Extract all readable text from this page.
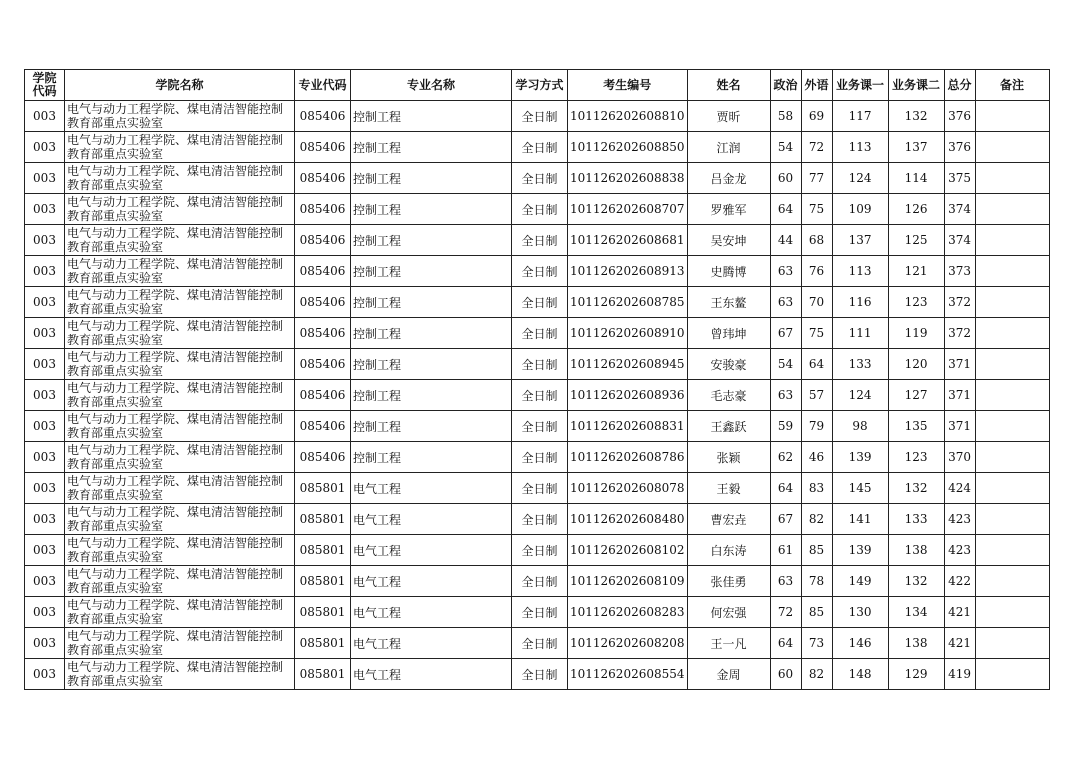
学院代码	学院名称	专业代码	专业名称	学习方式	考生编号	姓名	政治	外语	业务课一	业务课二	总分	备注
003	电气与动力工程学院、煤电清洁智能控制教育部重点实验室	085406	控制工程	全日制	101126202608810	贾昕	58	69	117	132	376	
003	电气与动力工程学院、煤电清洁智能控制教育部重点实验室	085406	控制工程	全日制	101126202608850	江润	54	72	113	137	376	
003	电气与动力工程学院、煤电清洁智能控制教育部重点实验室	085406	控制工程	全日制	101126202608838	吕金龙	60	77	124	114	375	
003	电气与动力工程学院、煤电清洁智能控制教育部重点实验室	085406	控制工程	全日制	101126202608707	罗雅军	64	75	109	126	374	
003	电气与动力工程学院、煤电清洁智能控制教育部重点实验室	085406	控制工程	全日制	101126202608681	吴安坤	44	68	137	125	374	
003	电气与动力工程学院、煤电清洁智能控制教育部重点实验室	085406	控制工程	全日制	101126202608913	史腾博	63	76	113	121	373	
003	电气与动力工程学院、煤电清洁智能控制教育部重点实验室	085406	控制工程	全日制	101126202608785	王东鳌	63	70	116	123	372	
003	电气与动力工程学院、煤电清洁智能控制教育部重点实验室	085406	控制工程	全日制	101126202608910	曾玮坤	67	75	111	119	372	
003	电气与动力工程学院、煤电清洁智能控制教育部重点实验室	085406	控制工程	全日制	101126202608945	安骏豪	54	64	133	120	371	
003	电气与动力工程学院、煤电清洁智能控制教育部重点实验室	085406	控制工程	全日制	101126202608936	毛志豪	63	57	124	127	371	
003	电气与动力工程学院、煤电清洁智能控制教育部重点实验室	085406	控制工程	全日制	101126202608831	王鑫跃	59	79	98	135	371	
003	电气与动力工程学院、煤电清洁智能控制教育部重点实验室	085406	控制工程	全日制	101126202608786	张颖	62	46	139	123	370	
003	电气与动力工程学院、煤电清洁智能控制教育部重点实验室	085801	电气工程	全日制	101126202608078	王毅	64	83	145	132	424	
003	电气与动力工程学院、煤电清洁智能控制教育部重点实验室	085801	电气工程	全日制	101126202608480	曹宏垚	67	82	141	133	423	
003	电气与动力工程学院、煤电清洁智能控制教育部重点实验室	085801	电气工程	全日制	101126202608102	白东涛	61	85	139	138	423	
003	电气与动力工程学院、煤电清洁智能控制教育部重点实验室	085801	电气工程	全日制	101126202608109	张佳勇	63	78	149	132	422	
003	电气与动力工程学院、煤电清洁智能控制教育部重点实验室	085801	电气工程	全日制	101126202608283	何宏强	72	85	130	134	421	
003	电气与动力工程学院、煤电清洁智能控制教育部重点实验室	085801	电气工程	全日制	101126202608208	王一凡	64	73	146	138	421	
003	电气与动力工程学院、煤电清洁智能控制教育部重点实验室	085801	电气工程	全日制	101126202608554	金周	60	82	148	129	419	
